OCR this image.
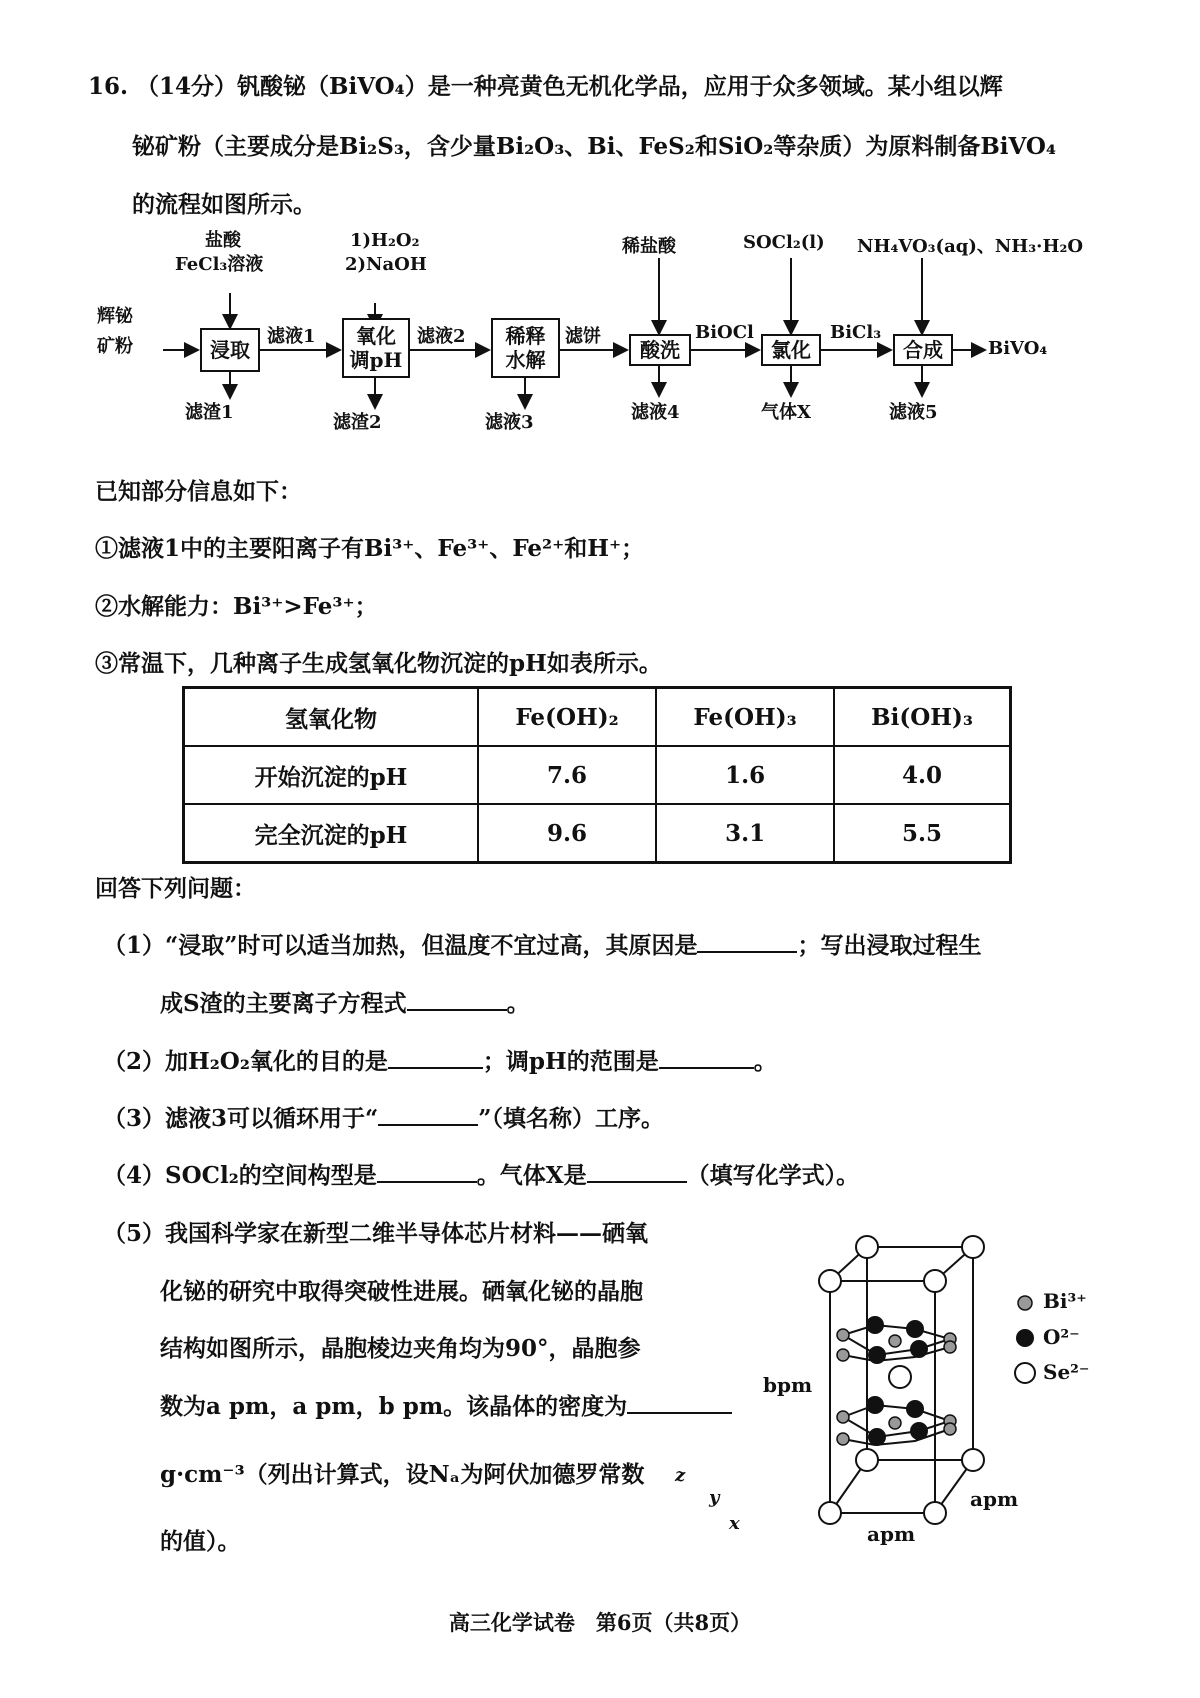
16. （14分）钒酸铋（BiVO₄）是一种亮黄色无机化学品，应用于众多领域。某小组以辉
铋矿粉（主要成分是Bi₂S₃，含少量Bi₂O₃、Bi、FeS₂和SiO₂等杂质）为原料制备BiVO₄
的流程如图所示。
辉铋
矿粉
盐酸
FeCl₃溶液
1)H₂O₂
2)NaOH
稀盐酸	SOCl₂(l) NH₄VO₃(aq)、NH₃·H₂O
浸取
氧化
调pH
稀释
水解	酸洗	氯化	合成
滤液1	滤液2	滤饼	BiOCl	BiCl₃
BiVO₄
滤渣1	滤渣2	滤液3	滤液4	气体X	滤液5
已知部分信息如下：
①滤液1中的主要阳离子有Bi³⁺、Fe³⁺、Fe²⁺和H⁺；
②水解能力：Bi³⁺>Fe³⁺；
③常温下，几种离子生成氢氧化物沉淀的pH如表所示。
氢氧化物	Fe(OH)₂	Fe(OH)₃	Bi(OH)₃
开始沉淀的pH	7.6	1.6	4.0
完全沉淀的pH	9.6	3.1	5.5
回答下列问题：
（1）“浸取”时可以适当加热，但温度不宜过高，其原因是	；写出浸取过程生
成S渣的主要离子方程式	。
（2）加H₂O₂氧化的目的是	；调pH的范围是	。
（3）滤液3可以循环用于“	”（填名称）工序。
（4）SOCl₂的空间构型是	。气体X是	（填写化学式）。
（5）我国科学家在新型二维半导体芯片材料——硒氧
化铋的研究中取得突破性进展。硒氧化铋的晶胞
结构如图所示，晶胞棱边夹角均为90°，晶胞参
数为a pm，a pm，b pm。该晶体的密度为
g·cm⁻³（列出计算式，设Nₐ为阿伏加德罗常数
的值）。
Bi³⁺
O²⁻
Se²⁻
bpm
apm
apm
z
y
x
高三化学试卷　第6页（共8页）
